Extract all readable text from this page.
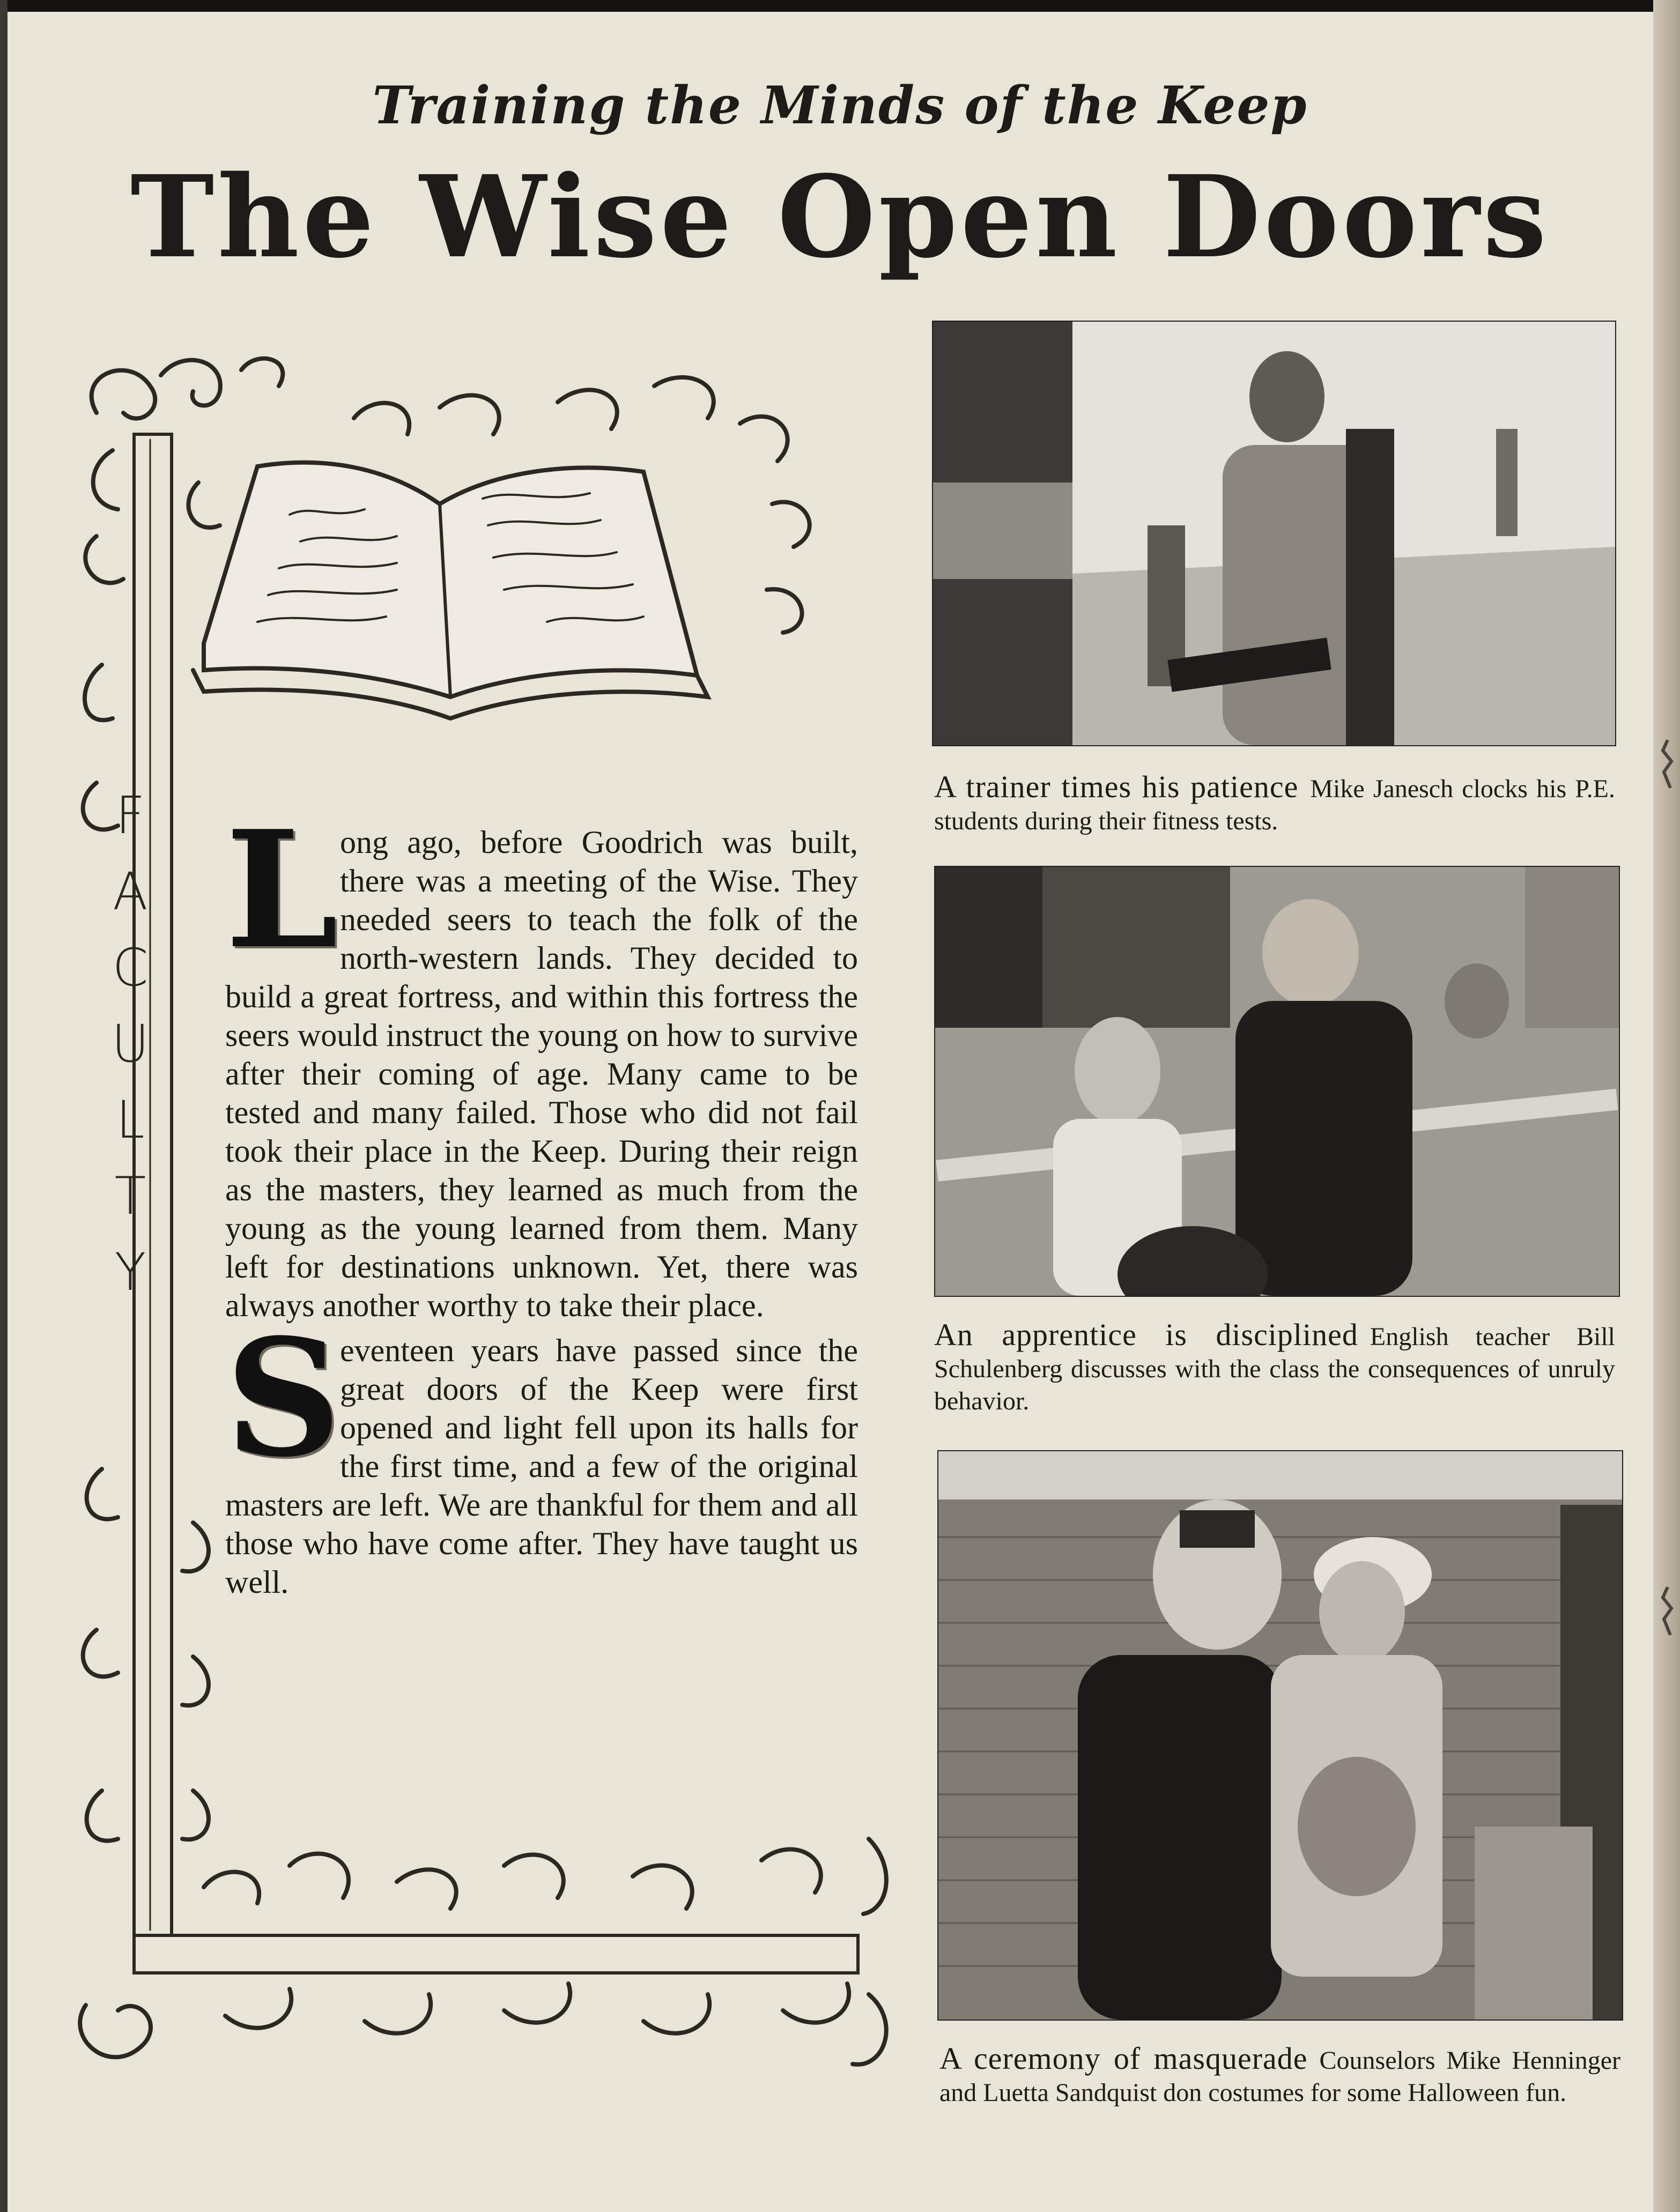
Training the Minds of the Keep
The Wise Open Doors
F
A
C
U
L
T
Y

Long ago, before Goodrich was built, there was a meeting of the Wise. They needed seers to teach the folk of the north-western lands. They decided to build a great fortress, and within this fortress the seers would instruct the young on how to survive after their coming of age. Many came to be tested and many failed. Those who did not fail took their place in the Keep. During their reign as the masters, they learned as much from the young as the young learned from them. Many left for destinations unknown. Yet, there was always another worthy to take their place.

S
eventeen years have passed since the great doors of the Keep were first opened and light fell upon its halls for the first time, and a few of the original masters are left. We are thankful for them and all those who have come after. They have taught us well.

A trainer times his patience Mike Janesch clocks his P.E. students during their fitness tests.
An apprentice is disciplined English teacher Bill Schulenberg discusses with the class the consequences of unruly behavior.
A ceremony of masquerade Counselors Mike Henninger and Luetta Sandquist don costumes for some Halloween fun.
